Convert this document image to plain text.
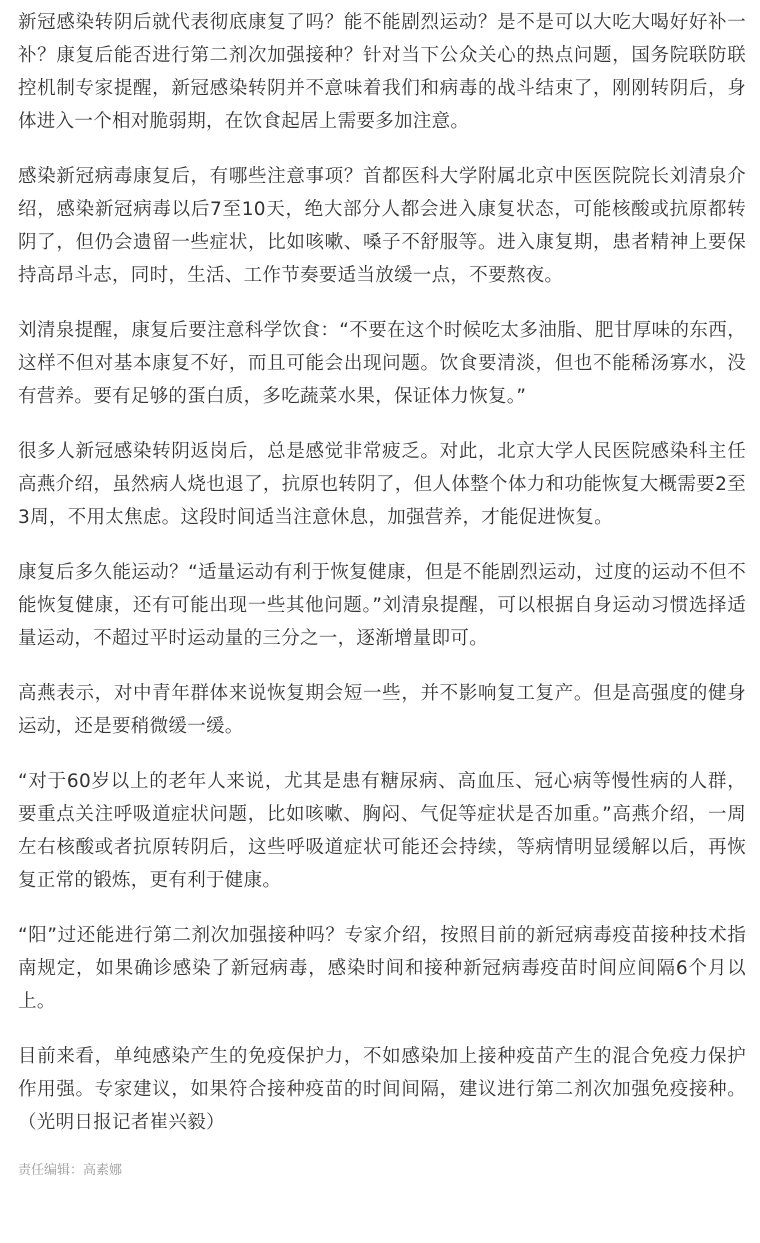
新冠感染转阴后就代表彻底康复了吗？能不能剧烈运动？是不是可以大吃大喝好好补一补？康复后能否进行第二剂次加强接种？针对当下公众关心的热点问题，国务院联防联控机制专家提醒，新冠感染转阴并不意味着我们和病毒的战斗结束了，刚刚转阴后，身体进入一个相对脆弱期，在饮食起居上需要多加注意。

感染新冠病毒康复后，有哪些注意事项？首都医科大学附属北京中医医院院长刘清泉介绍，感染新冠病毒以后7至10天，绝大部分人都会进入康复状态，可能核酸或抗原都转阴了，但仍会遗留一些症状，比如咳嗽、嗓子不舒服等。进入康复期，患者精神上要保持高昂斗志，同时，生活、工作节奏要适当放缓一点，不要熬夜。

刘清泉提醒，康复后要注意科学饮食：“不要在这个时候吃太多油脂、肥甘厚味的东西，这样不但对基本康复不好，而且可能会出现问题。饮食要清淡，但也不能稀汤寡水，没有营养。要有足够的蛋白质，多吃蔬菜水果，保证体力恢复。”

很多人新冠感染转阴返岗后，总是感觉非常疲乏。对此，北京大学人民医院感染科主任高燕介绍，虽然病人烧也退了，抗原也转阴了，但人体整个体力和功能恢复大概需要2至3周，不用太焦虑。这段时间适当注意休息，加强营养，才能促进恢复。

康复后多久能运动？“适量运动有利于恢复健康，但是不能剧烈运动，过度的运动不但不能恢复健康，还有可能出现一些其他问题。”刘清泉提醒，可以根据自身运动习惯选择适量运动，不超过平时运动量的三分之一，逐渐增量即可。

高燕表示，对中青年群体来说恢复期会短一些，并不影响复工复产。但是高强度的健身运动，还是要稍微缓一缓。

“对于60岁以上的老年人来说，尤其是患有糖尿病、高血压、冠心病等慢性病的人群，要重点关注呼吸道症状问题，比如咳嗽、胸闷、气促等症状是否加重。”高燕介绍，一周左右核酸或者抗原转阴后，这些呼吸道症状可能还会持续，等病情明显缓解以后，再恢复正常的锻炼，更有利于健康。

“阳”过还能进行第二剂次加强接种吗？专家介绍，按照目前的新冠病毒疫苗接种技术指南规定，如果确诊感染了新冠病毒，感染时间和接种新冠病毒疫苗时间应间隔6个月以上。

目前来看，单纯感染产生的免疫保护力，不如感染加上接种疫苗产生的混合免疫力保护作用强。专家建议，如果符合接种疫苗的时间间隔，建议进行第二剂次加强免疫接种。（光明日报记者崔兴毅）

责任编辑：高素娜
